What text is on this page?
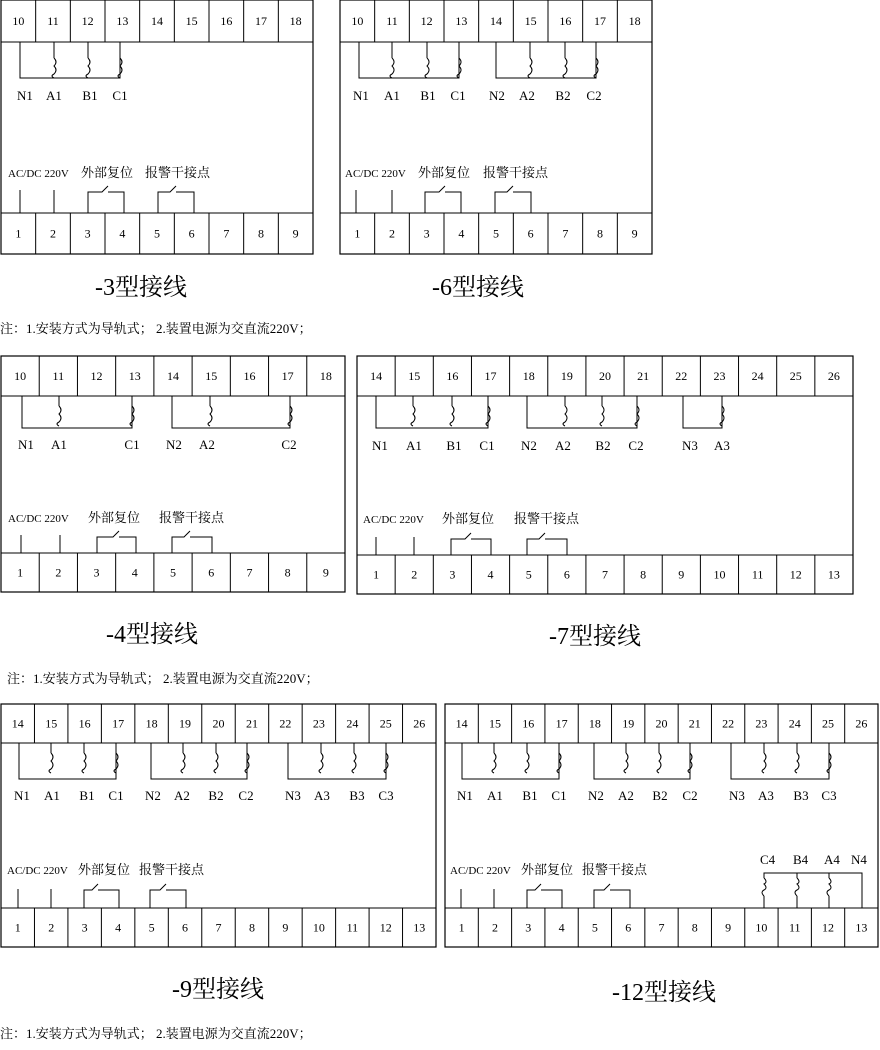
10 11 12 13 14 15 16 17 18
1 2 3 4 5 6 7 8 9
N1 A1 B1 C1
AC/DC 220V 外部复位 报警干接点
-3型接线
10 11 12 13 14 15 16 17 18
1 2 3 4 5 6 7 8 9
N1 A1 B1 C1 N2 A2 B2 C2
AC/DC 220V 外部复位 报警干接点
-6型接线
注：1.安装方式为导轨式； 2.装置电源为交直流220V；
10 11 12 13 14 15 16 17 18
1	2	3	4	5	6	7	8	9
N1 A1	C1 N2 A2	C2
AC/DC 220V 外部复位 报警干接点
-4型接线
14 15 16 17 18 19 20 21 22 23 24 25 26
1	2	3	4	5	6	7	8	9 10 11 12 13
N1 A1 B1 C1 N2 A2 B2 C2	N3 A3
AC/DC 220V 外部复位 报警干接点
-7型接线
注：1.安装方式为导轨式； 2.装置电源为交直流220V；
14 15 16 17 18 19 20 21 22 23 24 25 26
1 2 3 4 5 6 7 8 9 10 11 12 13
N1 A1 B1 C1 N2 A2 B2 C2 N3 A3 B3 C3
AC/DC 220V 外部复位 报警干接点
-9型接线
14 15 16 17 18 19 20 21 22 23 24 25 26
1 2 3 4 5 6 7 8 9 10 11 12 13
N1 A1 B1 C1 N2 A2 B2 C2 N3 A3 B3 C3
C4 B4 A4 N4
AC/DC 220V 外部复位 报警干接点
-12型接线
注：1.安装方式为导轨式； 2.装置电源为交直流220V；
